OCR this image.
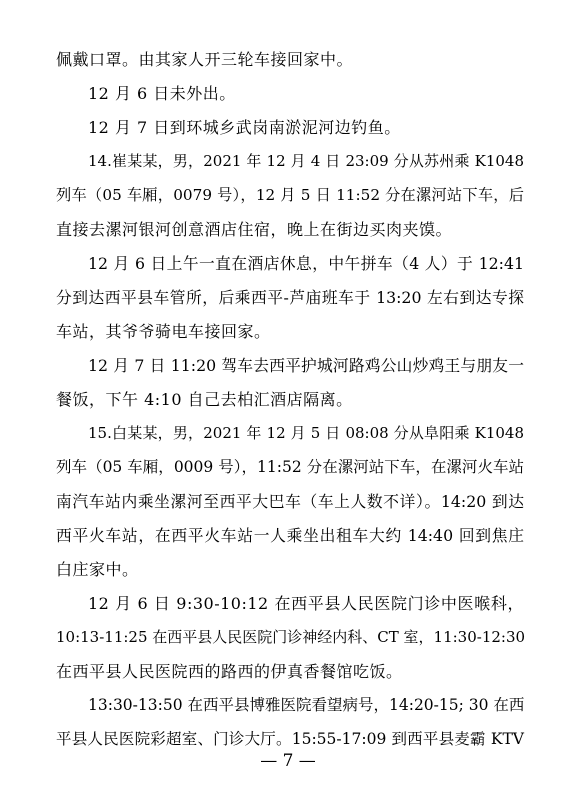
佩戴口罩。由其家人开三轮车接回家中。
12 月 6 日未外出。
12 月 7 日到环城乡武岗南淤泥河边钓鱼。
14.崔某某，男，2021 年 12 月 4 日 23:09 分从苏州乘 K1048
列车（05 车厢，0079 号），12 月 5 日 11:52 分在漯河站下车，后
直接去漯河银河创意酒店住宿，晚上在街边买肉夹馍。
12 月 6 日上午一直在酒店休息，中午拼车（4 人）于 12:41
分到达西平县车管所，后乘西平-芦庙班车于 13:20 左右到达专探
车站，其爷爷骑电车接回家。
12 月 7 日 11:20 驾车去西平护城河路鸡公山炒鸡王与朋友一
餐饭，下午 4:10 自己去柏汇酒店隔离。
15.白某某，男，2021 年 12 月 5 日 08:08 分从阜阳乘 K1048
列车（05 车厢，0009 号），11:52 分在漯河站下车，在漯河火车站
南汽车站内乘坐漯河至西平大巴车（车上人数不详）。14:20 到达
西平火车站，在西平火车站一人乘坐出租车大约 14:40 回到焦庄
白庄家中。
12 月 6 日 9:30-10:12 在西平县人民医院门诊中医喉科，
10:13-11:25 在西平县人民医院门诊神经内科、CT 室，11:30-12:30
在西平县人民医院西的路西的伊真香餐馆吃饭。
13:30-13:50 在西平县博雅医院看望病号，14:20-15; 30 在西
平县人民医院彩超室、门诊大厅。15:55-17:09 到西平县麦霸 KTV
— 7 —
